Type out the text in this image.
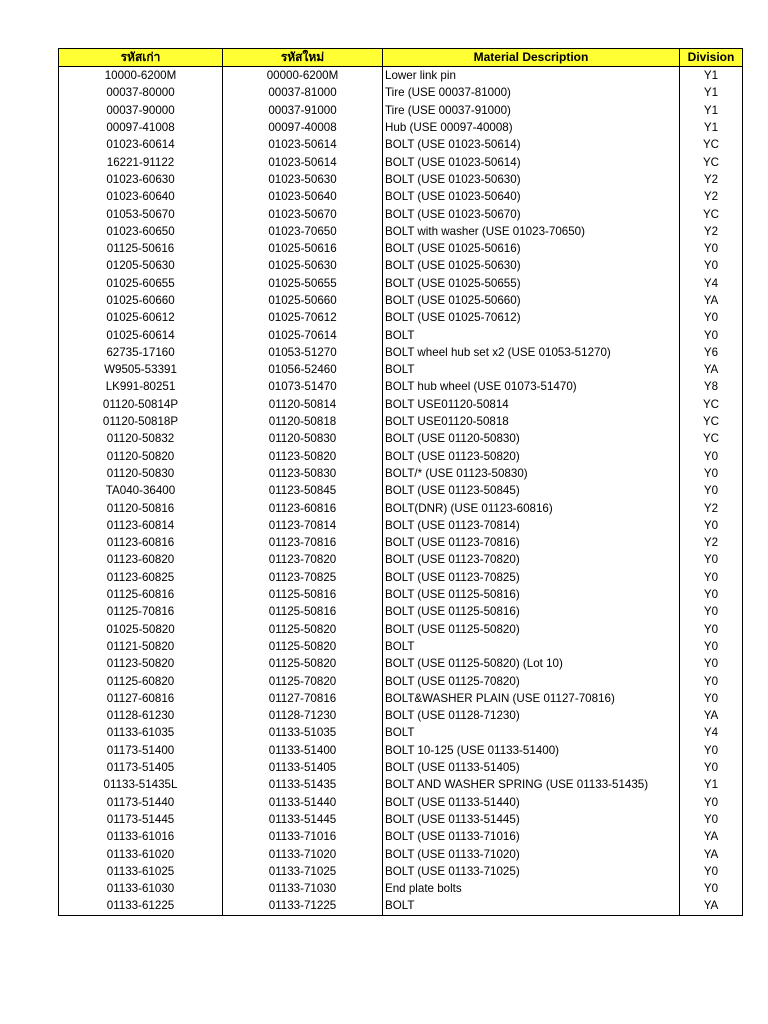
รหัสเก่า	รหัสใหม่	Material Description	Division
10000-6200M	00000-6200M	Lower link pin	Y1
00037-80000	00037-81000	Tire (USE 00037-81000)	Y1
00037-90000	00037-91000	Tire (USE 00037-91000)	Y1
00097-41008	00097-40008	Hub (USE 00097-40008)	Y1
01023-60614	01023-50614	BOLT (USE 01023-50614)	YC
16221-91122	01023-50614	BOLT (USE 01023-50614)	YC
01023-60630	01023-50630	BOLT (USE 01023-50630)	Y2
01023-60640	01023-50640	BOLT (USE 01023-50640)	Y2
01053-50670	01023-50670	BOLT (USE 01023-50670)	YC
01023-60650	01023-70650	BOLT with washer (USE 01023-70650)	Y2
01125-50616	01025-50616	BOLT (USE 01025-50616)	Y0
01205-50630	01025-50630	BOLT (USE 01025-50630)	Y0
01025-60655	01025-50655	BOLT (USE 01025-50655)	Y4
01025-60660	01025-50660	BOLT (USE 01025-50660)	YA
01025-60612	01025-70612	BOLT (USE 01025-70612)	Y0
01025-60614	01025-70614	BOLT	Y0
62735-17160	01053-51270	BOLT wheel hub set x2 (USE 01053-51270)	Y6
W9505-53391	01056-52460	BOLT	YA
LK991-80251	01073-51470	BOLT hub wheel (USE 01073-51470)	Y8
01120-50814P	01120-50814	BOLT USE01120-50814	YC
01120-50818P	01120-50818	BOLT USE01120-50818	YC
01120-50832	01120-50830	BOLT (USE 01120-50830)	YC
01120-50820	01123-50820	BOLT (USE 01123-50820)	Y0
01120-50830	01123-50830	BOLT/* (USE 01123-50830)	Y0
TA040-36400	01123-50845	BOLT (USE 01123-50845)	Y0
01120-50816	01123-60816	BOLT(DNR) (USE 01123-60816)	Y2
01123-60814	01123-70814	BOLT (USE 01123-70814)	Y0
01123-60816	01123-70816	BOLT (USE 01123-70816)	Y2
01123-60820	01123-70820	BOLT (USE 01123-70820)	Y0
01123-60825	01123-70825	BOLT (USE 01123-70825)	Y0
01125-60816	01125-50816	BOLT (USE 01125-50816)	Y0
01125-70816	01125-50816	BOLT (USE 01125-50816)	Y0
01025-50820	01125-50820	BOLT (USE 01125-50820)	Y0
01121-50820	01125-50820	BOLT	Y0
01123-50820	01125-50820	BOLT (USE 01125-50820) (Lot 10)	Y0
01125-60820	01125-70820	BOLT (USE 01125-70820)	Y0
01127-60816	01127-70816	BOLT&WASHER PLAIN (USE 01127-70816)	Y0
01128-61230	01128-71230	BOLT (USE 01128-71230)	YA
01133-61035	01133-51035	BOLT	Y4
01173-51400	01133-51400	BOLT 10-125 (USE 01133-51400)	Y0
01173-51405	01133-51405	BOLT (USE 01133-51405)	Y0
01133-51435L	01133-51435	BOLT AND WASHER SPRING (USE 01133-51435)	Y1
01173-51440	01133-51440	BOLT (USE 01133-51440)	Y0
01173-51445	01133-51445	BOLT (USE 01133-51445)	Y0
01133-61016	01133-71016	BOLT (USE 01133-71016)	YA
01133-61020	01133-71020	BOLT (USE 01133-71020)	YA
01133-61025	01133-71025	BOLT (USE 01133-71025)	Y0
01133-61030	01133-71030	End plate bolts	Y0
01133-61225	01133-71225	BOLT	YA
